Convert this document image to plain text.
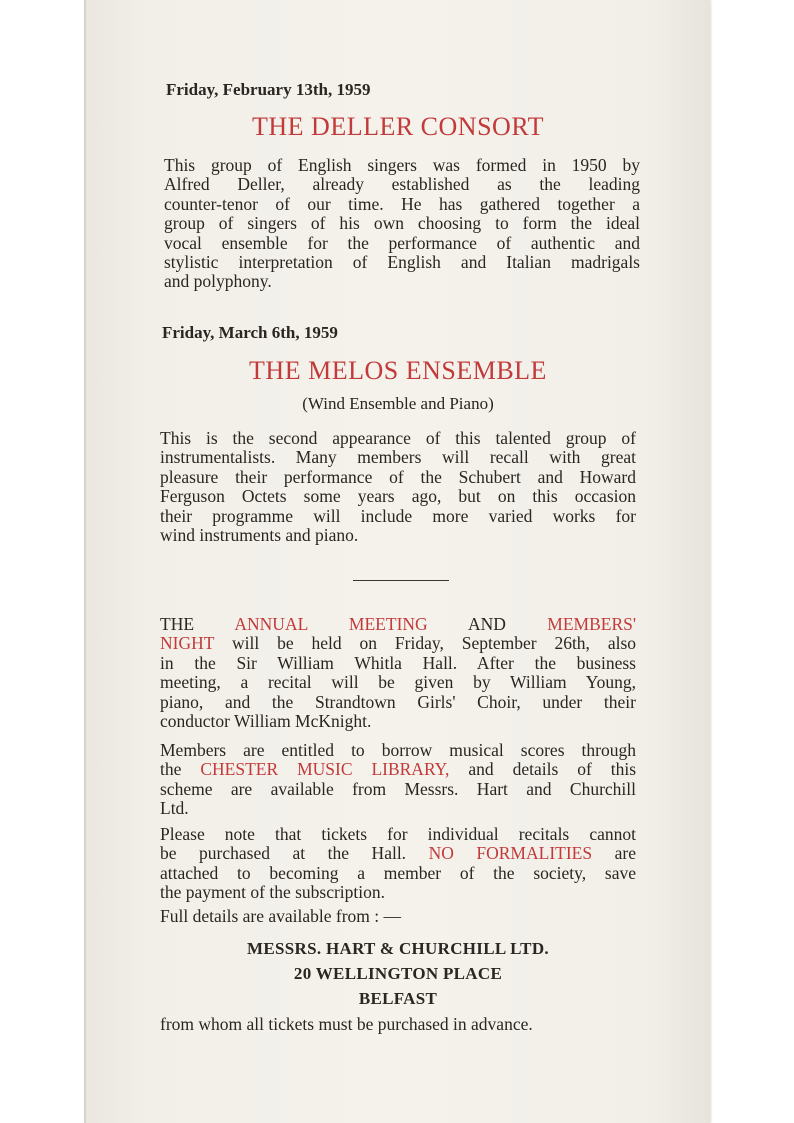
Friday, February 13th, 1959
THE DELLER CONSORT
This group of English singers was formed in 1950 by
Alfred Deller, already established as the leading
counter-tenor of our time. He has gathered together a
group of singers of his own choosing to form the ideal
vocal ensemble for the performance of authentic and
stylistic interpretation of English and Italian madrigals
and polyphony.
Friday, March 6th, 1959
THE MELOS ENSEMBLE
(Wind Ensemble and Piano)
This is the second appearance of this talented group of
instrumentalists. Many members will recall with great
pleasure their performance of the Schubert and Howard
Ferguson Octets some years ago, but on this occasion
their programme will include more varied works for
wind instruments and piano.
THE ANNUAL MEETING AND MEMBERS'
NIGHT will be held on Friday, September 26th, also
in the Sir William Whitla Hall. After the business
meeting, a recital will be given by William Young,
piano, and the Strandtown Girls' Choir, under their
conductor William McKnight.
Members are entitled to borrow musical scores through
the CHESTER MUSIC LIBRARY, and details of this
scheme are available from Messrs. Hart and Churchill
Ltd.
Please note that tickets for individual recitals cannot
be purchased at the Hall. NO FORMALITIES are
attached to becoming a member of the society, save
the payment of the subscription.
Full details are available from : —
MESSRS. HART & CHURCHILL LTD.
20 WELLINGTON PLACE
BELFAST
from whom all tickets must be purchased in advance.
